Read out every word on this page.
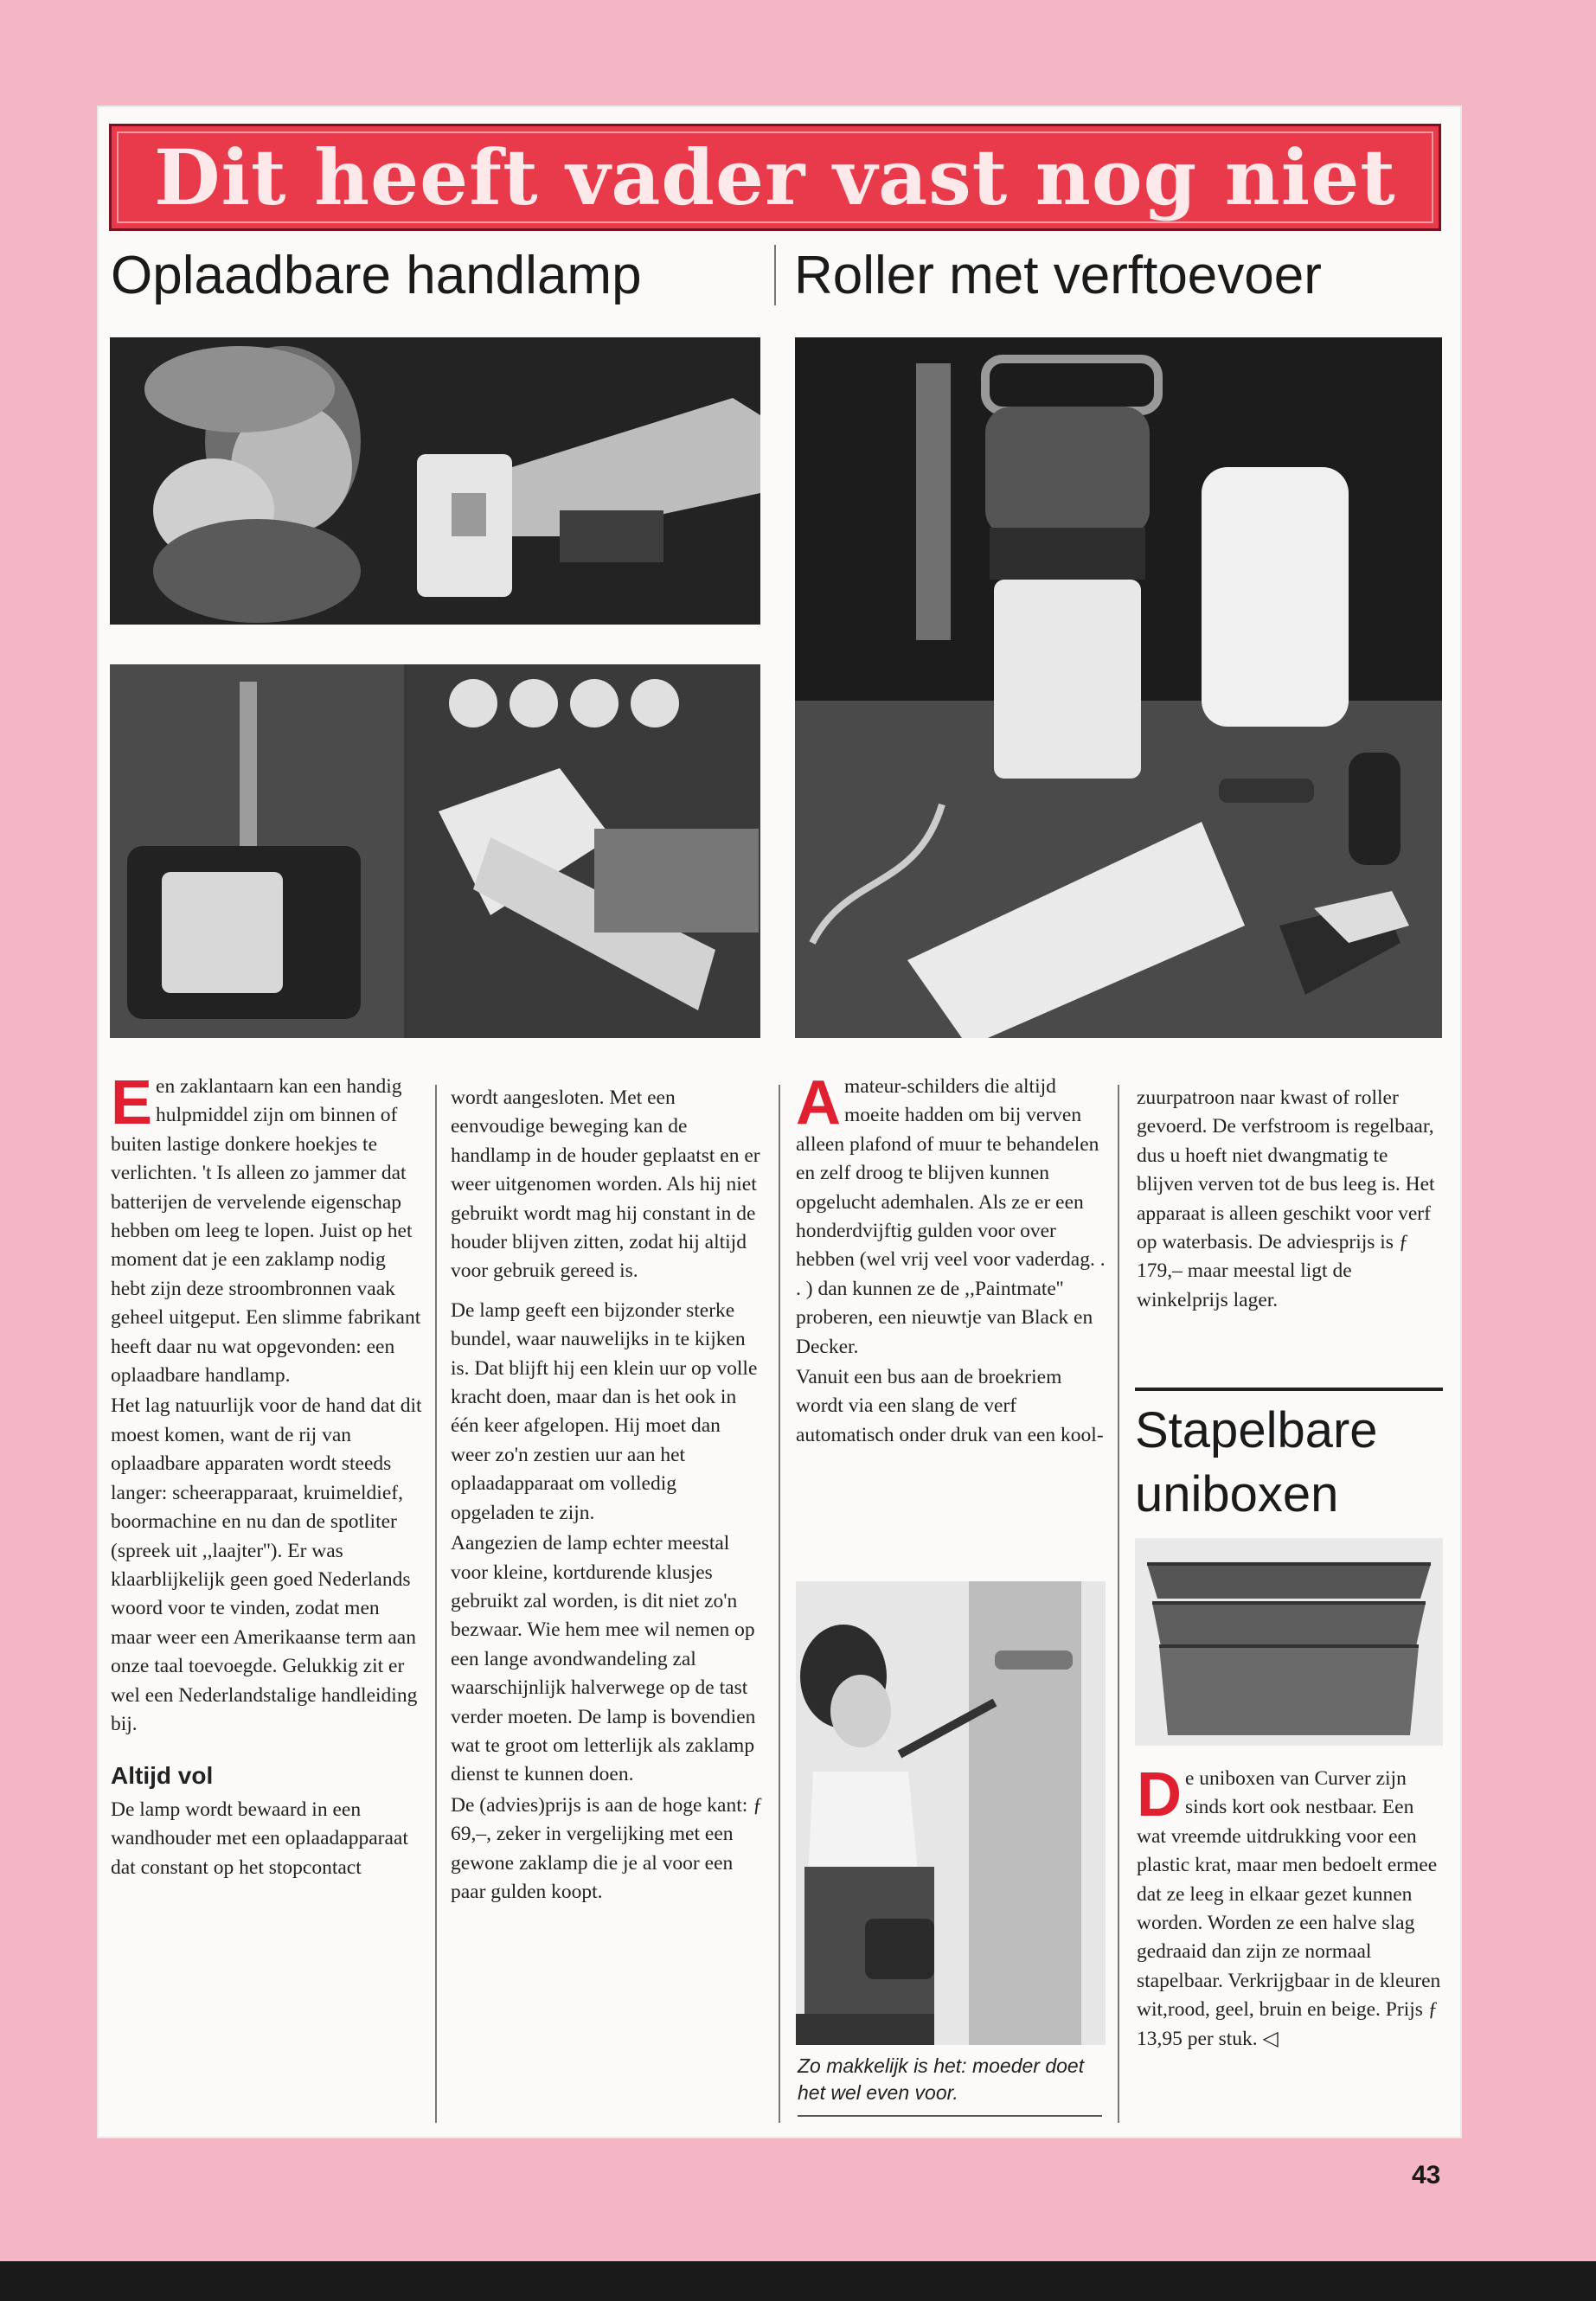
Dit heeft vader vast nog niet
Oplaadbare handlamp	Roller met verftoevoer

Een zaklantaarn kan een handig hulpmiddel zijn om binnen of buiten lastige donkere hoekjes te verlichten. 't Is alleen zo jammer dat batterijen de vervelende eigenschap hebben om leeg te lopen. Juist op het moment dat je een zaklamp nodig hebt zijn deze stroombronnen vaak geheel uitgeput. Een slimme fabrikant heeft daar nu wat opgevonden: een oplaadbare handlamp.

Het lag natuurlijk voor de hand dat dit moest komen, want de rij van oplaadbare apparaten wordt steeds langer: scheerapparaat, kruimeldief, boormachine en nu dan de spotliter (spreek uit ,,laajter''). Er was klaarblijkelijk geen goed Nederlands woord voor te vinden, zodat men maar weer een Amerikaanse term aan onze taal toevoegde. Gelukkig zit er wel een Nederlandstalige handleiding bij.

Altijd vol

De lamp wordt bewaard in een wandhouder met een oplaadapparaat dat constant op het stopcontact

wordt aangesloten. Met een eenvoudige beweging kan de handlamp in de houder geplaatst en er weer uitgenomen worden. Als hij niet gebruikt wordt mag hij constant in de houder blijven zitten, zodat hij altijd voor gebruik gereed is.

De lamp geeft een bijzonder sterke bundel, waar nauwelijks in te kijken is. Dat blijft hij een klein uur op volle kracht doen, maar dan is het ook in één keer afgelopen. Hij moet dan weer zo'n zestien uur aan het oplaadapparaat om volledig opgeladen te zijn.

Aangezien de lamp echter meestal voor kleine, kortdurende klusjes gebruikt zal worden, is dit niet zo'n bezwaar. Wie hem mee wil nemen op een lange avondwandeling zal waarschijnlijk halverwege op de tast verder moeten. De lamp is bovendien wat te groot om letterlijk als zaklamp dienst te kunnen doen.

De (advies)prijs is aan de hoge kant: ƒ 69,–, zeker in vergelijking met een gewone zaklamp die je al voor een paar gulden koopt.

Amateur-schilders die altijd moeite hadden om bij verven alleen plafond of muur te behandelen en zelf droog te blijven kunnen opgelucht ademhalen. Als ze er een honderdvijftig gulden voor over hebben (wel vrij veel voor vaderdag. . . ) dan kunnen ze de ,,Paintmate'' proberen, een nieuwtje van Black en Decker.

Vanuit een bus aan de broekriem wordt via een slang de verf automatisch onder druk van een kool-

Zo makkelijk is het: moeder doet het wel even voor.

zuurpatroon naar kwast of roller gevoerd. De verfstroom is regelbaar, dus u hoeft niet dwangmatig te blijven verven tot de bus leeg is. Het apparaat is alleen geschikt voor verf op waterbasis. De adviesprijs is ƒ 179,– maar meestal ligt de winkelprijs lager.

Stapelbare uniboxen

De uniboxen van Curver zijn sinds kort ook nestbaar. Een wat vreemde uitdrukking voor een plastic krat, maar men bedoelt ermee dat ze leeg in elkaar gezet kunnen worden. Worden ze een halve slag gedraaid dan zijn ze normaal stapelbaar. Verkrijgbaar in de kleuren wit,rood, geel, bruin en beige. Prijs ƒ 13,95 per stuk. ◁

43
